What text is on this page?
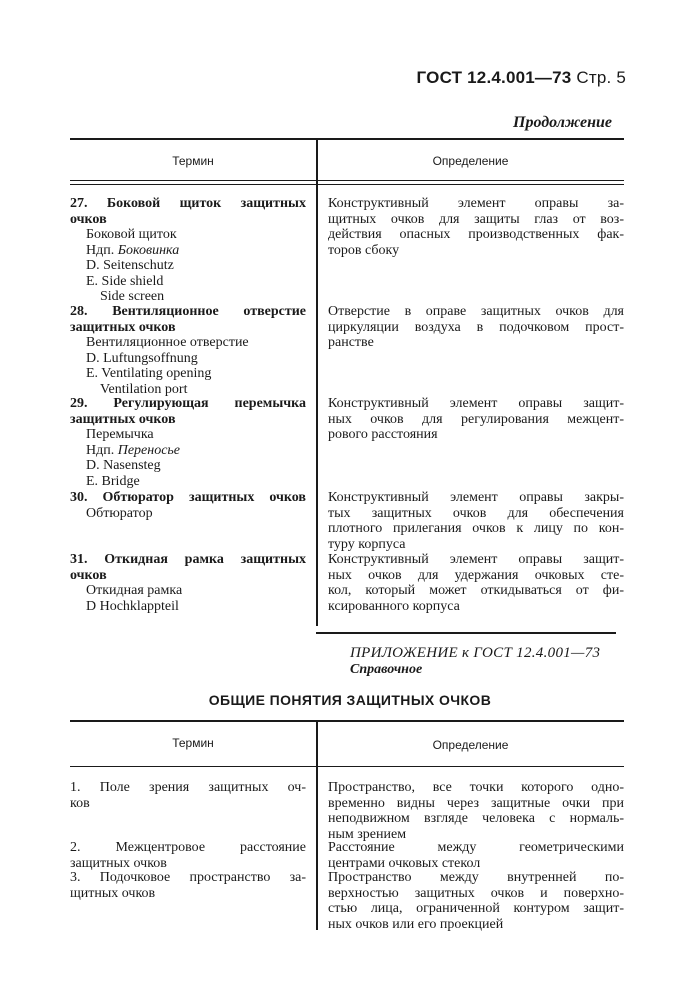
ГОСТ 12.4.001—73 Стр. 5
Продолжение
Термин	Определение
27. Боковой щиток защитных
очков
Боковой щиток
Ндп. Боковинка
D. Seitenschutz
E. Side shield
Side screen
Конструктивный элемент оправы за-
щитных очков для защиты глаз от воз-
действия опасных производственных фак-
торов сбоку
28. Вентиляционное отверстие
защитных очков
Вентиляционное отверстие
D. Luftungsoffnung
E. Ventilating opening
Ventilation port
Отверстие в оправе защитных очков для
циркуляции воздуха в подочковом прост-
ранстве
29. Регулирующая перемычка
защитных очков
Перемычка
Ндп. Переносье
D. Nasensteg
E. Bridge
Конструктивный элемент оправы защит-
ных очков для регулирования межцент-
рового расстояния
30. Обтюратор защитных очков
Обтюратор
Конструктивный элемент оправы закры-
тых защитных очков для обеспечения
плотного прилегания очков к лицу по кон-
туру корпуса
31. Откидная рамка защитных
очков
Откидная рамка
D Hochklappteil
Конструктивный элемент оправы защит-
ных очков для удержания очковых сте-
кол, который может откидываться от фи-
ксированного корпуса
ПРИЛОЖЕНИЕ к ГОСТ 12.4.001—73
Справочное
ОБЩИЕ ПОНЯТИЯ ЗАЩИТНЫХ ОЧКОВ
Термин	Определение
1. Поле зрения защитных оч-
ков
Пространство, все точки которого одно-
временно видны через защитные очки при
неподвижном взгляде человека с нормаль-
ным зрением
2. Межцентровое расстояние
защитных очков
Расстояние между геометрическими
центрами очковых стекол
3. Подочковое пространство за-
щитных очков
Пространство между внутренней по-
верхностью защитных очков и поверхно-
стью лица, ограниченной контуром защит-
ных очков или его проекцией
